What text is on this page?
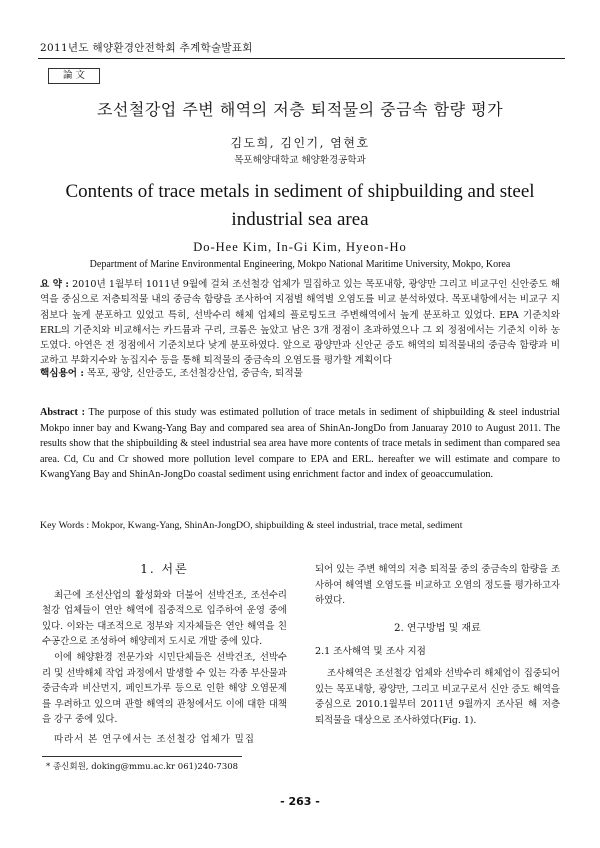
2011년도 해양환경안전학회 추계학술발표회
論 文
조선철강업 주변 해역의 저층 퇴적물의 중금속 함량 평가
김도희, 김인기, 염현호
목포해양대학교 해양환경공학과
Contents of trace metals in sediment of shipbuilding and steel
industrial sea area
Do-Hee Kim, In-Gi Kim, Hyeon-Ho
Department of Marine Environmental Engineering, Mokpo National Maritime University, Mokpo, Korea
요 약 : 2010년 1월부터 1011년 9월에 걸쳐 조선철강 업체가 밀집하고 있는 목포내항, 광양만 그리고 비교구인 신안중도 해역을 중심으로 저층퇴적물 내의 중금속 함량을 조사하여 지점별 해역별 오염도를 비교 분석하였다. 목포내항에서는 비교구 지점보다 높게 분포하고 있었고 특히, 선박수리 해체 업체의 플로팅도크 주변해역에서 높게 분포하고 있었다. EPA 기준치와 ERL의 기준치와 비교해서는 카드뮴과 구리, 크롬은 높았고 남은 3개 정점이 초과하였으나 그 외 정점에서는 기준치 이하 농도였다. 아연은 전 정점에서 기준치보다 낮게 분포하였다. 앞으로 광양만과 신안군 증도 해역의 퇴적물내의 중금속 함량과 비교하고 부화지수와 농집지수 등을 통해 퇴적물의 중금속의 오염도를 평가할 계획이다
핵심용어 : 목포, 광양, 신안증도, 조선철강산업, 중금속, 퇴적물
Abstract : The purpose of this study was estimated pollution of trace metals in sediment of shipbuilding & steel industrial Mokpo inner bay and Kwang-Yang Bay and compared sea area of ShinAn-JongDo from Januaray 2010 to August 2011. The results show that the shipbuilding & steel industrial sea area have more contents of trace metals in sediment than compared sea area. Cd, Cu and Cr showed more pollution level compare to EPA and ERL. hereafter we will estimate and compare to KwangYang Bay and ShinAn-JongDo coastal sediment using enrichment factor and index of geoaccumulation.
Key Words : Mokpor, Kwang-Yang, ShinAn-JongDO, shipbuilding & steel industrial, trace metal, sediment

1. 서론

최근에 조선산업의 활성화와 더불어 선박건조, 조선수리 철강 업체들이 연안 해역에 집중적으로 입주하여 운영 중에 있다. 이와는 대조적으로 정부와 지자체들은 연안 해역을 친수공간으로 조성하여 해양레저 도시로 개발 중에 있다.

이에 해양환경 전문가와 시민단체들은 선박건조, 선박수리 및 선박해체 작업 과정에서 발생할 수 있는 각종 부산물과 중금속과 비산먼지, 페인트가루 등으로 인한 해양 오염문제를 우려하고 있으며 관할 해역의 관청에서도 이에 대한 대책을 강구 중에 있다.

따라서 본 연구에서는 조선철강 업체가 밀집

되어 있는 주변 해역의 저층 퇴적물 중의 중금속의 함량을 조사하여 해역별 오염도를 비교하고 오염의 정도를 평가하고자 하였다.

2. 연구방법 및 재료

2.1 조사해역 및 조사 지점

조사해역은 조선철강 업체와 선박수리 해체업이 집중되어 있는 목포내항, 광양만, 그리고 비교구로서 신안 증도 해역을 중심으로 2010.1월부터 2011년 9월까지 조사된 해 저층 퇴적물을 대상으로 조사하였다(Fig. 1).

* 종신회원, doking@mmu.ac.kr 061)240-7308
- 263 -
